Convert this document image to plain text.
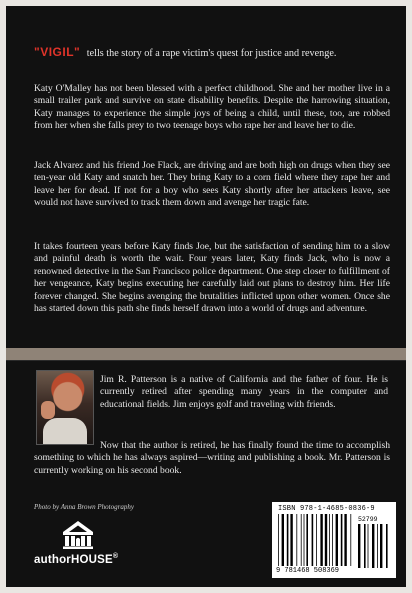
"VIGIL" tells the story of a rape victim's quest for justice and revenge.

Katy O'Malley has not been blessed with a perfect childhood. She and her mother live in a small trailer park and survive on state disability benefits. Despite the harrowing situation, Katy manages to experience the simple joys of being a child, until these, too, are robbed from her when she falls prey to two teenage boys who rape her and leave her to die.

Jack Alvarez and his friend Joe Flack, are driving and are both high on drugs when they see ten-year old Katy and snatch her. They bring Katy to a corn field where they rape her and leave her for dead. If not for a boy who sees Katy shortly after her attackers leave, see would not have survived to track them down and avenge her tragic fate.

It takes fourteen years before Katy finds Joe, but the satisfaction of sending him to a slow and painful death is worth the wait. Four years later, Katy finds Jack, who is now a renowned detective in the San Francisco police department. One step closer to fulfillment of her vengeance, Katy begins executing her carefully laid out plans to destroy him. Her life forever changed. She begins avenging the brutalities inflicted upon other women. Once she has started down this path she finds herself drawn into a world of drugs and adventure.

Jim R. Patterson is a native of California and the father of four. He is currently retired after spending many years in the computer and educational fields. Jim enjoys golf and traveling with friends.

Now that the author is retired, he has finally found the time to accomplish something to which he has always aspired—writing and publishing a book. Mr. Patterson is currently working on his second book.

Photo by Anna Brown Photography
authorHOUSE®
ISBN 978-1-4685-0836-9
52799
9 781468 508369
